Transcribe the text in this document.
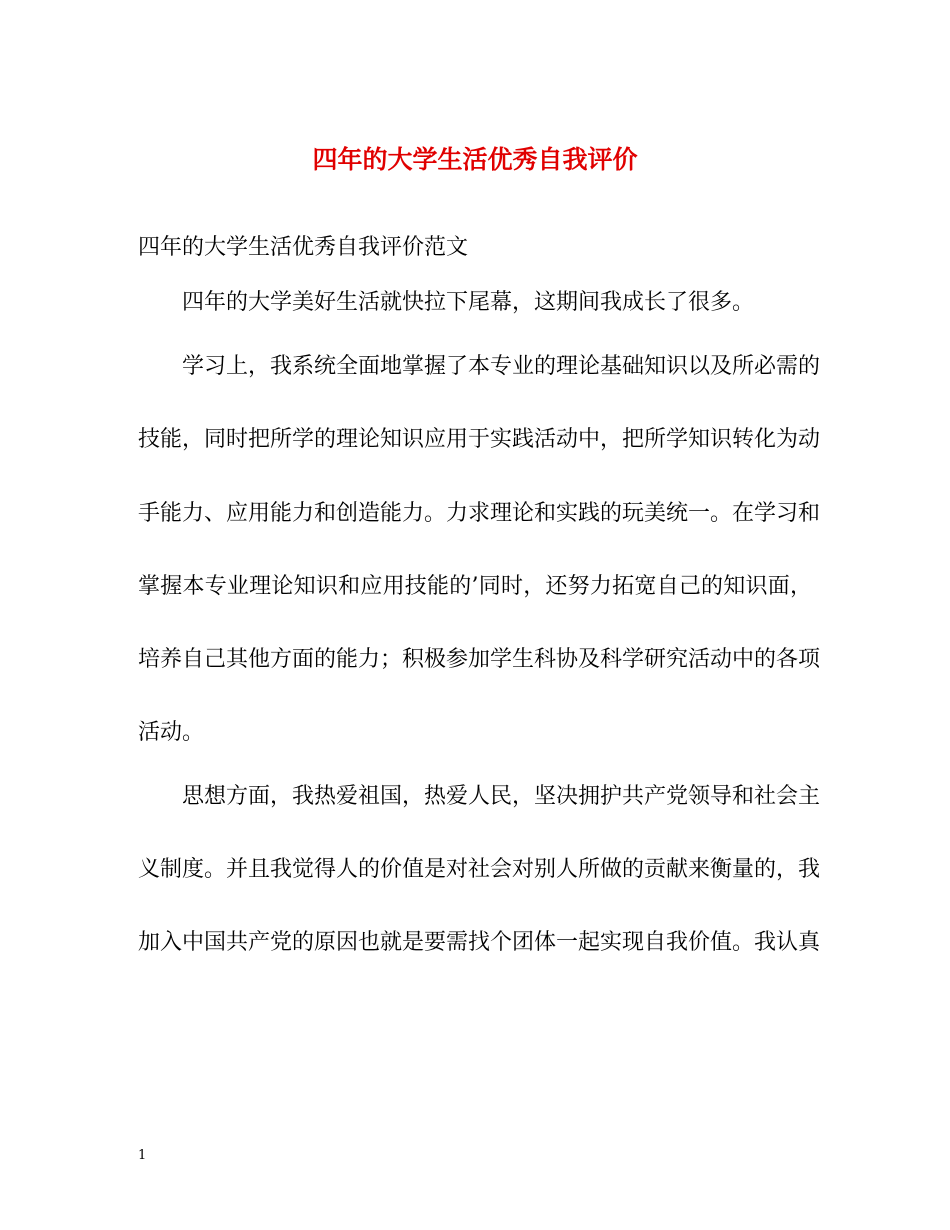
四年的大学生活优秀自我评价

四年的大学生活优秀自我评价范文

四年的大学美好生活就快拉下尾幕，这期间我成长了很多。

学习上，我系统全面地掌握了本专业的理论基础知识以及所必需的

技能，同时把所学的理论知识应用于实践活动中，把所学知识转化为动

手能力、应用能力和创造能力。力求理论和实践的玩美统一。在学习和

掌握本专业理论知识和应用技能的’同时，还努力拓宽自己的知识面，

培养自己其他方面的能力；积极参加学生科协及科学研究活动中的各项

活动。

思想方面，我热爱祖国，热爱人民，坚决拥护共产党领导和社会主

义制度。并且我觉得人的价值是对社会对别人所做的贡献来衡量的，我

加入中国共产党的原因也就是要需找个团体一起实现自我价值。我认真

1
